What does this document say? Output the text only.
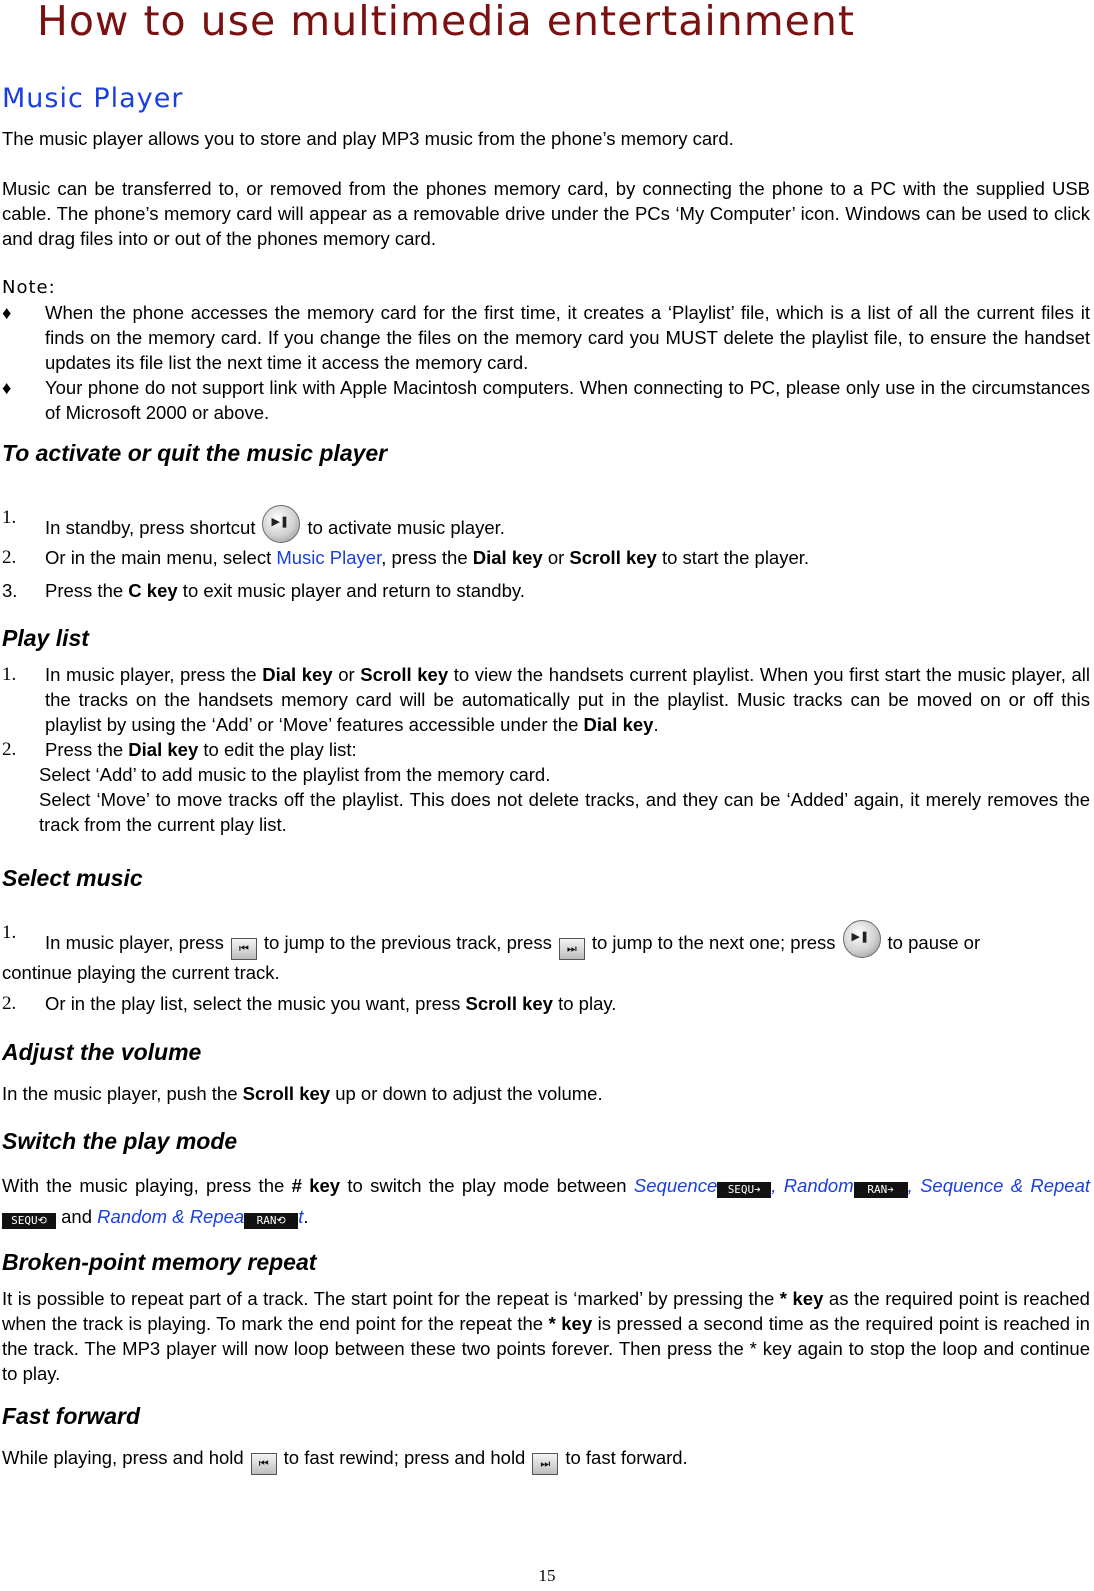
How to use multimedia entertainment
Music Player

The music player allows you to store and play MP3 music from the phone’s memory card.

Music can be transferred to, or removed from the phones memory card, by connecting the phone to a PC with the supplied USB cable. The phone’s memory card will appear as a removable drive under the PCs ‘My Computer’ icon. Windows can be used to click and drag files into or out of the phones memory card.

Note:
♦ When the phone accesses the memory card for the first time, it creates a ‘Playlist’ file, which is a list of all the current files it finds on the memory card. If you change the files on the memory card you MUST delete the playlist file, to ensure the handset updates its file list the next time it access the memory card.
♦ Your phone do not support link with Apple Macintosh computers. When connecting to PC, please only use in the circumstances of Microsoft 2000 or above.
To activate or quit the music player
1. In standby, press shortcut ▶❚	to activate music player.
2. Or in the main menu, select Music Player, press the Dial key or Scroll key to start the player.
3. Press the C key to exit music player and return to standby.
Play list
1. In music player, press the Dial key or Scroll key to view the handsets current playlist. When you first start the music player, all the tracks on the handsets memory card will be automatically put in the playlist. Music tracks can be moved on or off this playlist by using the ‘Add’ or ‘Move’ features accessible under the Dial key.
2. Press the Dial key to edit the play list:
Select ‘Add’ to add music to the playlist from the memory card.
Select ‘Move’ to move tracks off the playlist. This does not delete tracks, and they can be ‘Added’ again, it merely removes the track from the current play list.
Select music
1. In music player, press ⏮ to jump to the previous track, press ⏭ to jump to the next one; press ▶❚	to pause or

continue playing the current track.

2. Or in the play list, select the music you want, press Scroll key to play.
Adjust the volume

In the music player, push the Scroll key up or down to adjust the volume.

Switch the play mode

With the music playing, press the # key to switch the play mode between Sequence SEQU➔ , Random RAN➔ , Sequence & RepeatSEQU⟲ and Random & Repea RAN⟲ t.

Broken-point memory repeat

It is possible to repeat part of a track. The start point for the repeat is ‘marked’ by pressing the * key as the required point is reached when the track is playing. To mark the end point for the repeat the * key is pressed a second time as the required point is reached in the track. The MP3 player will now loop between these two points forever. Then press the * key again to stop the loop and continue to play.

Fast forward

While playing, press and hold ⏮ to fast rewind; press and hold ⏭ to fast forward.

15
